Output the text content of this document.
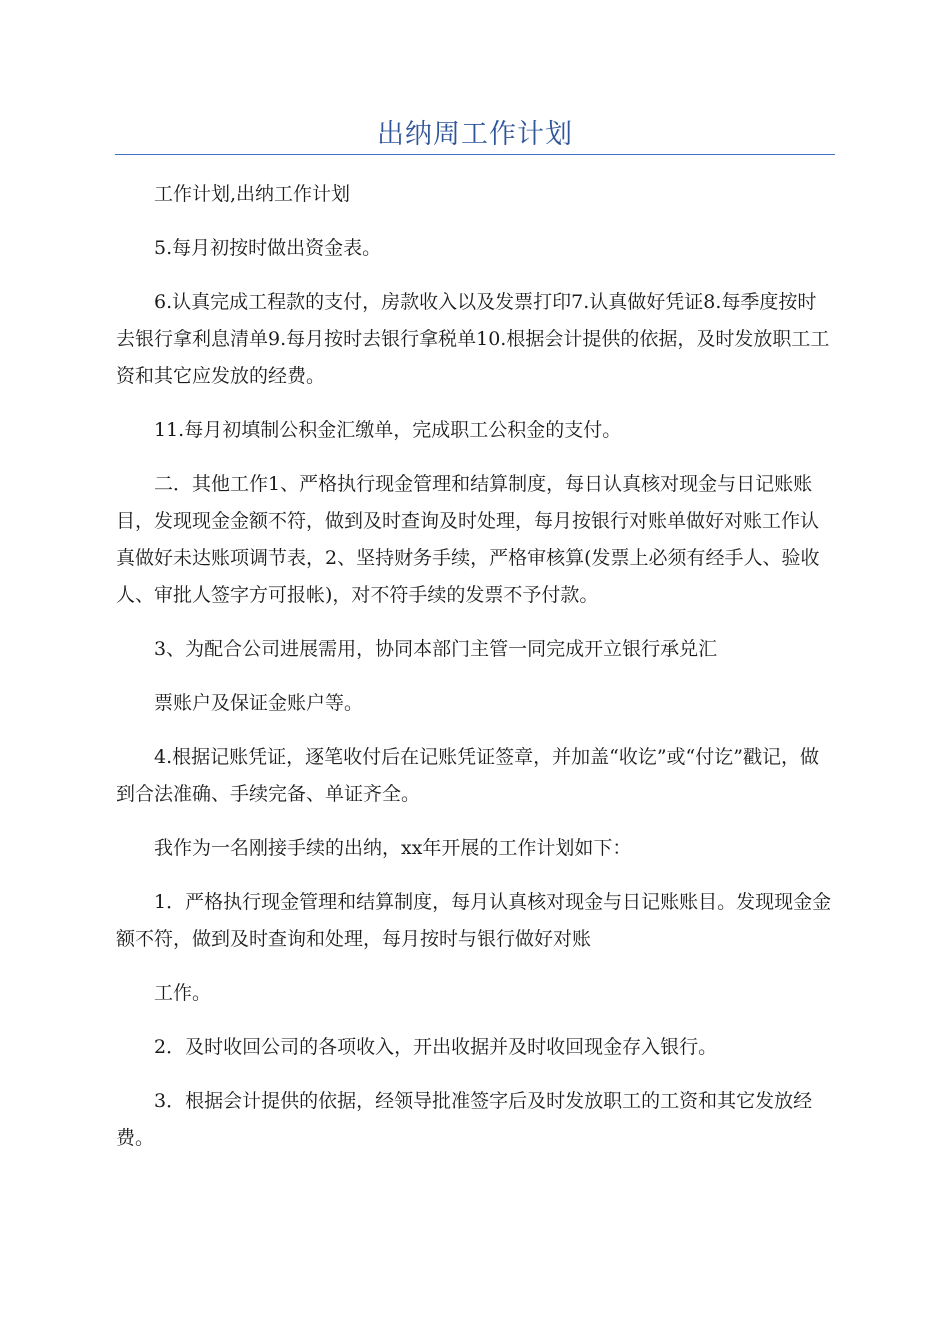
出纳周工作计划

工作计划,出纳工作计划

5.每月初按时做出资金表。

6.认真完成工程款的支付，房款收入以及发票打印7.认真做好凭证8.每季度按时去银行拿利息清单9.每月按时去银行拿税单10.根据会计提供的依据，及时发放职工工资和其它应发放的经费。

11.每月初填制公积金汇缴单，完成职工公积金的支付。

二．其他工作1、严格执行现金管理和结算制度，每日认真核对现金与日记账账目，发现现金金额不符，做到及时查询及时处理，每月按银行对账单做好对账工作认真做好未达账项调节表，2、坚持财务手续，严格审核算(发票上必须有经手人、验收人、审批人签字方可报帐)，对不符手续的发票不予付款。

3、为配合公司进展需用，协同本部门主管一同完成开立银行承兑汇

票账户及保证金账户等。

4.根据记账凭证，逐笔收付后在记账凭证签章，并加盖“收讫”或“付讫”戳记，做到合法准确、手续完备、单证齐全。

我作为一名刚接手续的出纳，xx年开展的工作计划如下：

1．严格执行现金管理和结算制度，每月认真核对现金与日记账账目。发现现金金额不符，做到及时查询和处理，每月按时与银行做好对账

工作。

2．及时收回公司的各项收入，开出收据并及时收回现金存入银行。

3．根据会计提供的依据，经领导批准签字后及时发放职工的工资和其它发放经费。
